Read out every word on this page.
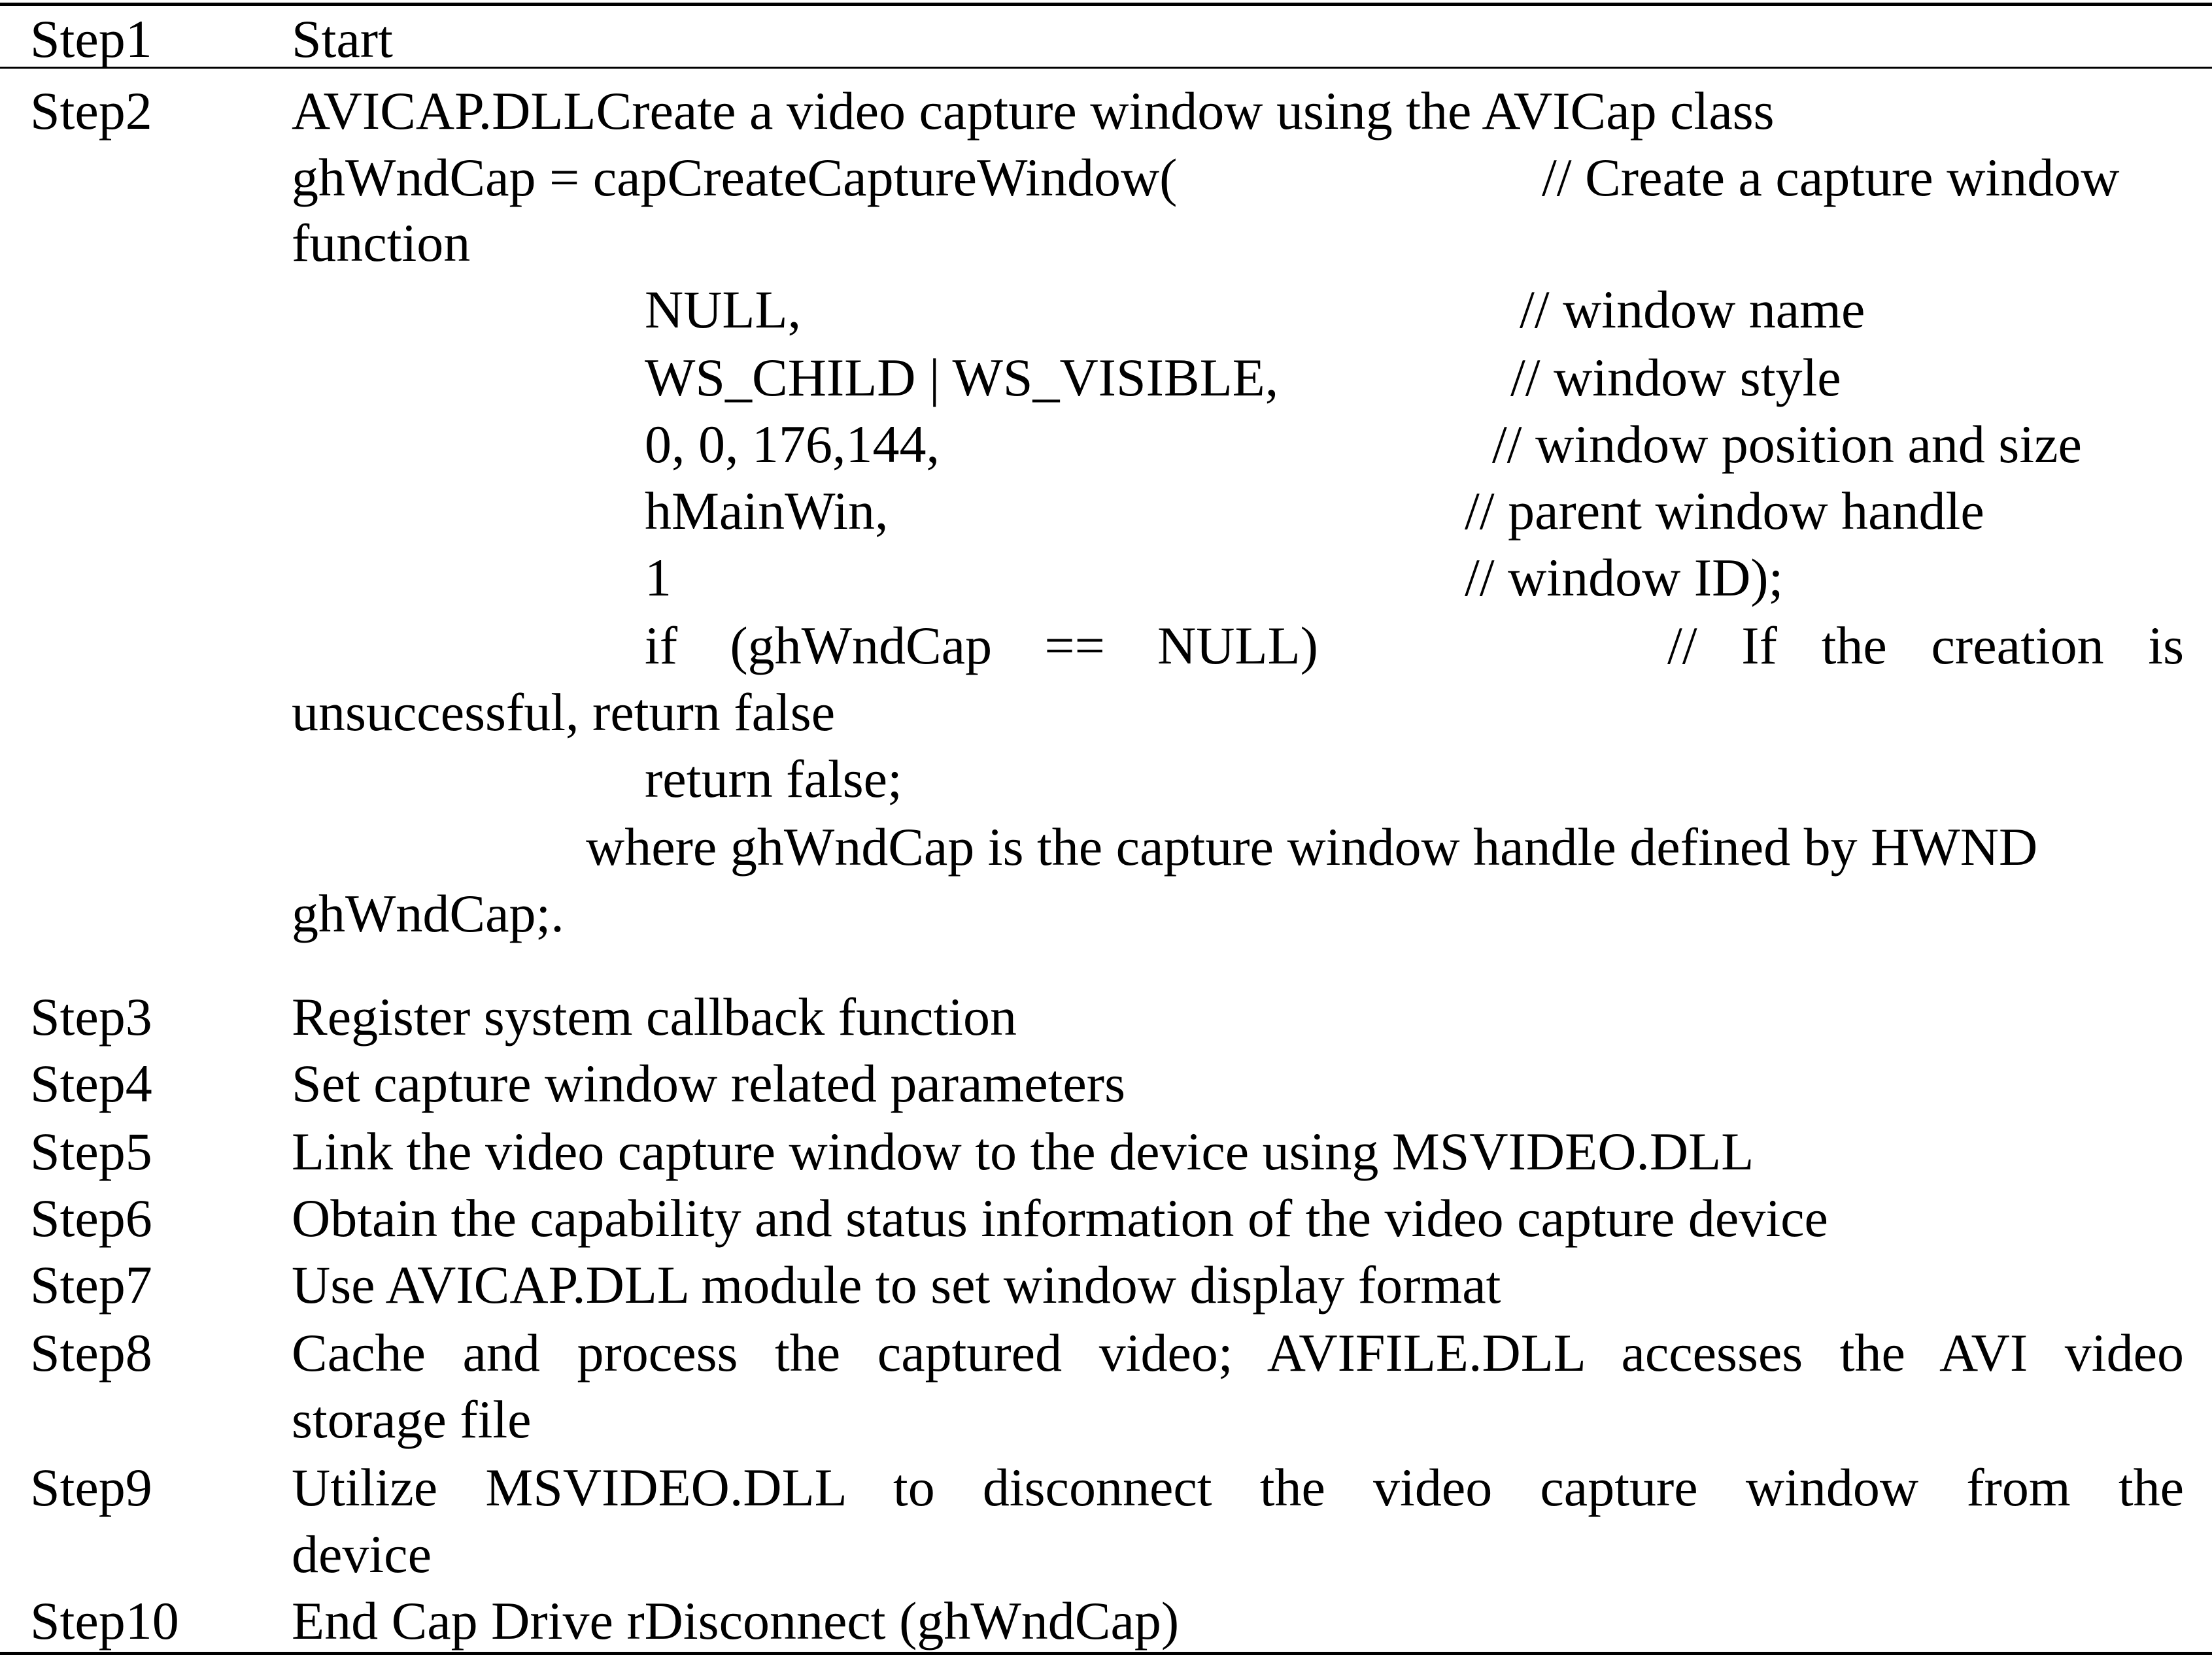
Step1	Start
Step2	AVICAP.DLLCreate a video capture window using the AVICap class
ghWndCap = capCreateCaptureWindow(	// Create a capture window
function
NULL,	// window name
WS_CHILD | WS_VISIBLE,	// window style
0, 0, 176,144,	// window position and size
hMainWin,	// parent window handle
1	// window ID);
if (ghWndCap == NULL)	// If the creation is
unsuccessful, return false
return false;
where ghWndCap is the capture window handle defined by HWND
ghWndCap;.
Step3	Register system callback function
Step4	Set capture window related parameters
Step5	Link the video capture window to the device using MSVIDEO.DLL
Step6	Obtain the capability and status information of the video capture device
Step7	Use AVICAP.DLL module to set window display format
Step8	Cache and process the captured video; AVIFILE.DLL accesses the AVI video
storage file
Step9	Utilize MSVIDEO.DLL to disconnect the video capture window from the
device
Step10 End Cap Drive rDisconnect (ghWndCap)
